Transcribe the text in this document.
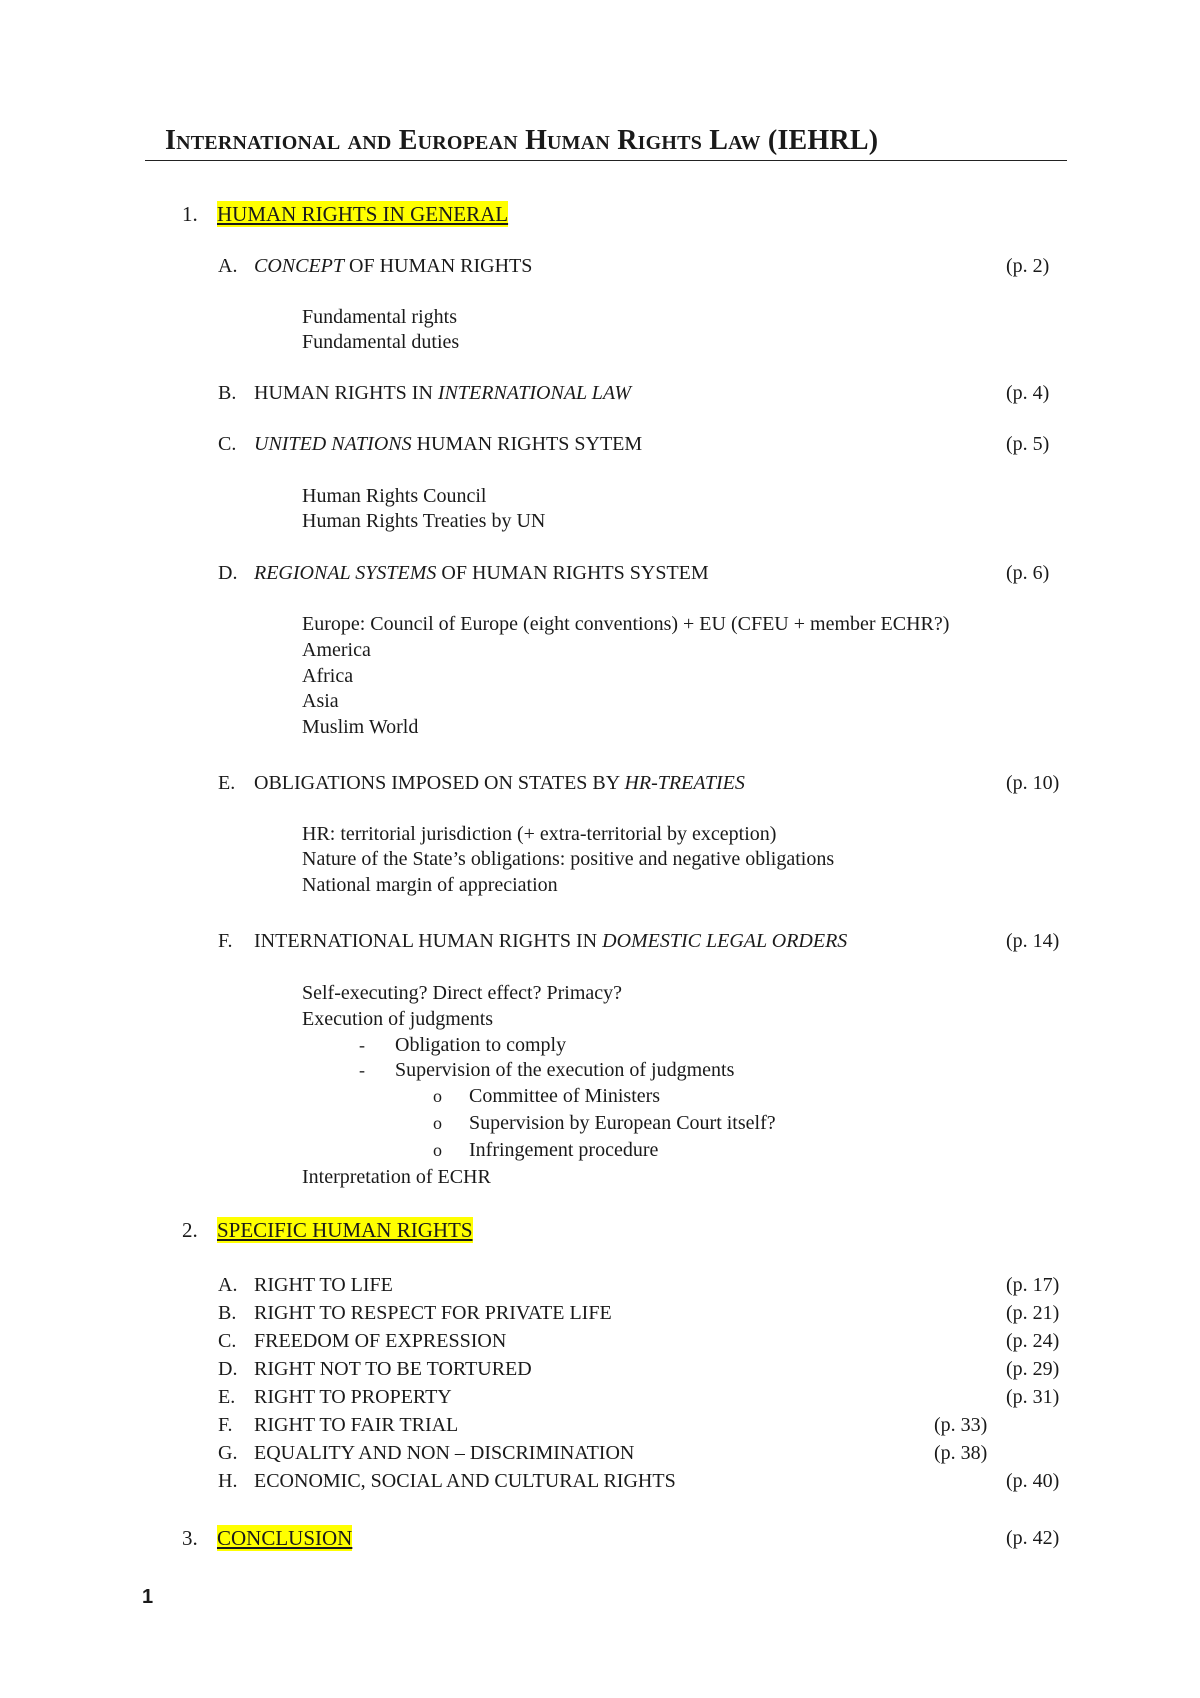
International and European Human Rights Law (IEHRL)
1. HUMAN RIGHTS IN GENERAL
A. CONCEPT OF HUMAN RIGHTS	(p. 2)
Fundamental rights
Fundamental duties
B. HUMAN RIGHTS IN INTERNATIONAL LAW	(p. 4)
C. UNITED NATIONS HUMAN RIGHTS SYTEM	(p. 5)
Human Rights Council
Human Rights Treaties by UN
D. REGIONAL SYSTEMS OF HUMAN RIGHTS SYSTEM	(p. 6)
Europe: Council of Europe (eight conventions) + EU (CFEU + member ECHR?)
America
Africa
Asia
Muslim World
E. OBLIGATIONS IMPOSED ON STATES BY HR-TREATIES	(p. 10)
HR: territorial jurisdiction (+ extra-territorial by exception)
Nature of the State’s obligations: positive and negative obligations
National margin of appreciation
F. INTERNATIONAL HUMAN RIGHTS IN DOMESTIC LEGAL ORDERS	(p. 14)
Self-executing? Direct effect? Primacy?
Execution of judgments
- Obligation to comply
- Supervision of the execution of judgments
o Committee of Ministers
o Supervision by European Court itself?
o Infringement procedure
Interpretation of ECHR
2. SPECIFIC HUMAN RIGHTS
A. RIGHT TO LIFE	(p. 17)
B. RIGHT TO RESPECT FOR PRIVATE LIFE	(p. 21)
C. FREEDOM OF EXPRESSION	(p. 24)
D. RIGHT NOT TO BE TORTURED	(p. 29)
E. RIGHT TO PROPERTY	(p. 31)
F. RIGHT TO FAIR TRIAL	(p. 33)
G. EQUALITY AND NON – DISCRIMINATION	(p. 38)
H. ECONOMIC, SOCIAL AND CULTURAL RIGHTS	(p. 40)
3. CONCLUSION	(p. 42)
1
